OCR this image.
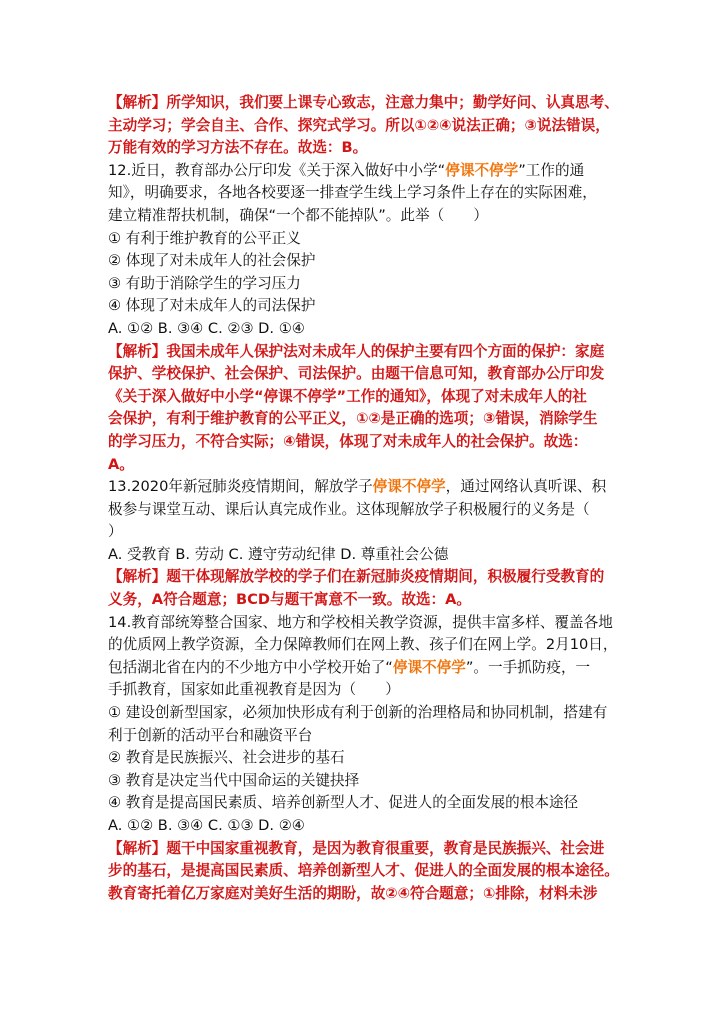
【解析】所学知识，我们要上课专心致志，注意力集中；勤学好问、认真思考、
主动学习；学会自主、合作、探究式学习。所以①②④说法正确；③说法错误，
万能有效的学习方法不存在。故选：B。
12.近日，教育部办公厅印发《关于深入做好中小学“停课不停学”工作的通
知》，明确要求，各地各校要逐一排查学生线上学习条件上存在的实际困难，
建立精准帮扶机制，确保“一个都不能掉队”。此举（　　）
① 有利于维护教育的公平正义
② 体现了对未成年人的社会保护
③ 有助于消除学生的学习压力
④ 体现了对未成年人的司法保护
A. ①② B. ③④ C. ②③ D. ①④
【解析】我国未成年人保护法对未成年人的保护主要有四个方面的保护：家庭
保护、学校保护、社会保护、司法保护。由题干信息可知，教育部办公厅印发
《关于深入做好中小学“停课不停学”工作的通知》，体现了对未成年人的社
会保护，有利于维护教育的公平正义，①②是正确的选项；③错误，消除学生
的学习压力，不符合实际；④错误，体现了对未成年人的社会保护。故选：
A。
13.2020年新冠肺炎疫情期间，解放学子停课不停学，通过网络认真听课、积
极参与课堂互动、课后认真完成作业。这体现解放学子积极履行的义务是（
）
A. 受教育 B. 劳动 C. 遵守劳动纪律 D. 尊重社会公德
【解析】题干体现解放学校的学子们在新冠肺炎疫情期间，积极履行受教育的
义务，A符合题意；BCD与题干寓意不一致。故选：A。
14.教育部统筹整合国家、地方和学校相关教学资源，提供丰富多样、覆盖各地
的优质网上教学资源，全力保障教师们在网上教、孩子们在网上学。2月10日，
包括湖北省在内的不少地方中小学校开始了“停课不停学”。一手抓防疫，一
手抓教育，国家如此重视教育是因为（　　）
① 建设创新型国家，必须加快形成有利于创新的治理格局和协同机制，搭建有
利于创新的活动平台和融资平台
② 教育是民族振兴、社会进步的基石
③ 教育是决定当代中国命运的关键抉择
④ 教育是提高国民素质、培养创新型人才、促进人的全面发展的根本途径
A. ①② B. ③④ C. ①③ D. ②④
【解析】题干中国家重视教育，是因为教育很重要，教育是民族振兴、社会进
步的基石，是提高国民素质、培养创新型人才、促进人的全面发展的根本途径。
教育寄托着亿万家庭对美好生活的期盼，故②④符合题意；①排除，材料未涉
